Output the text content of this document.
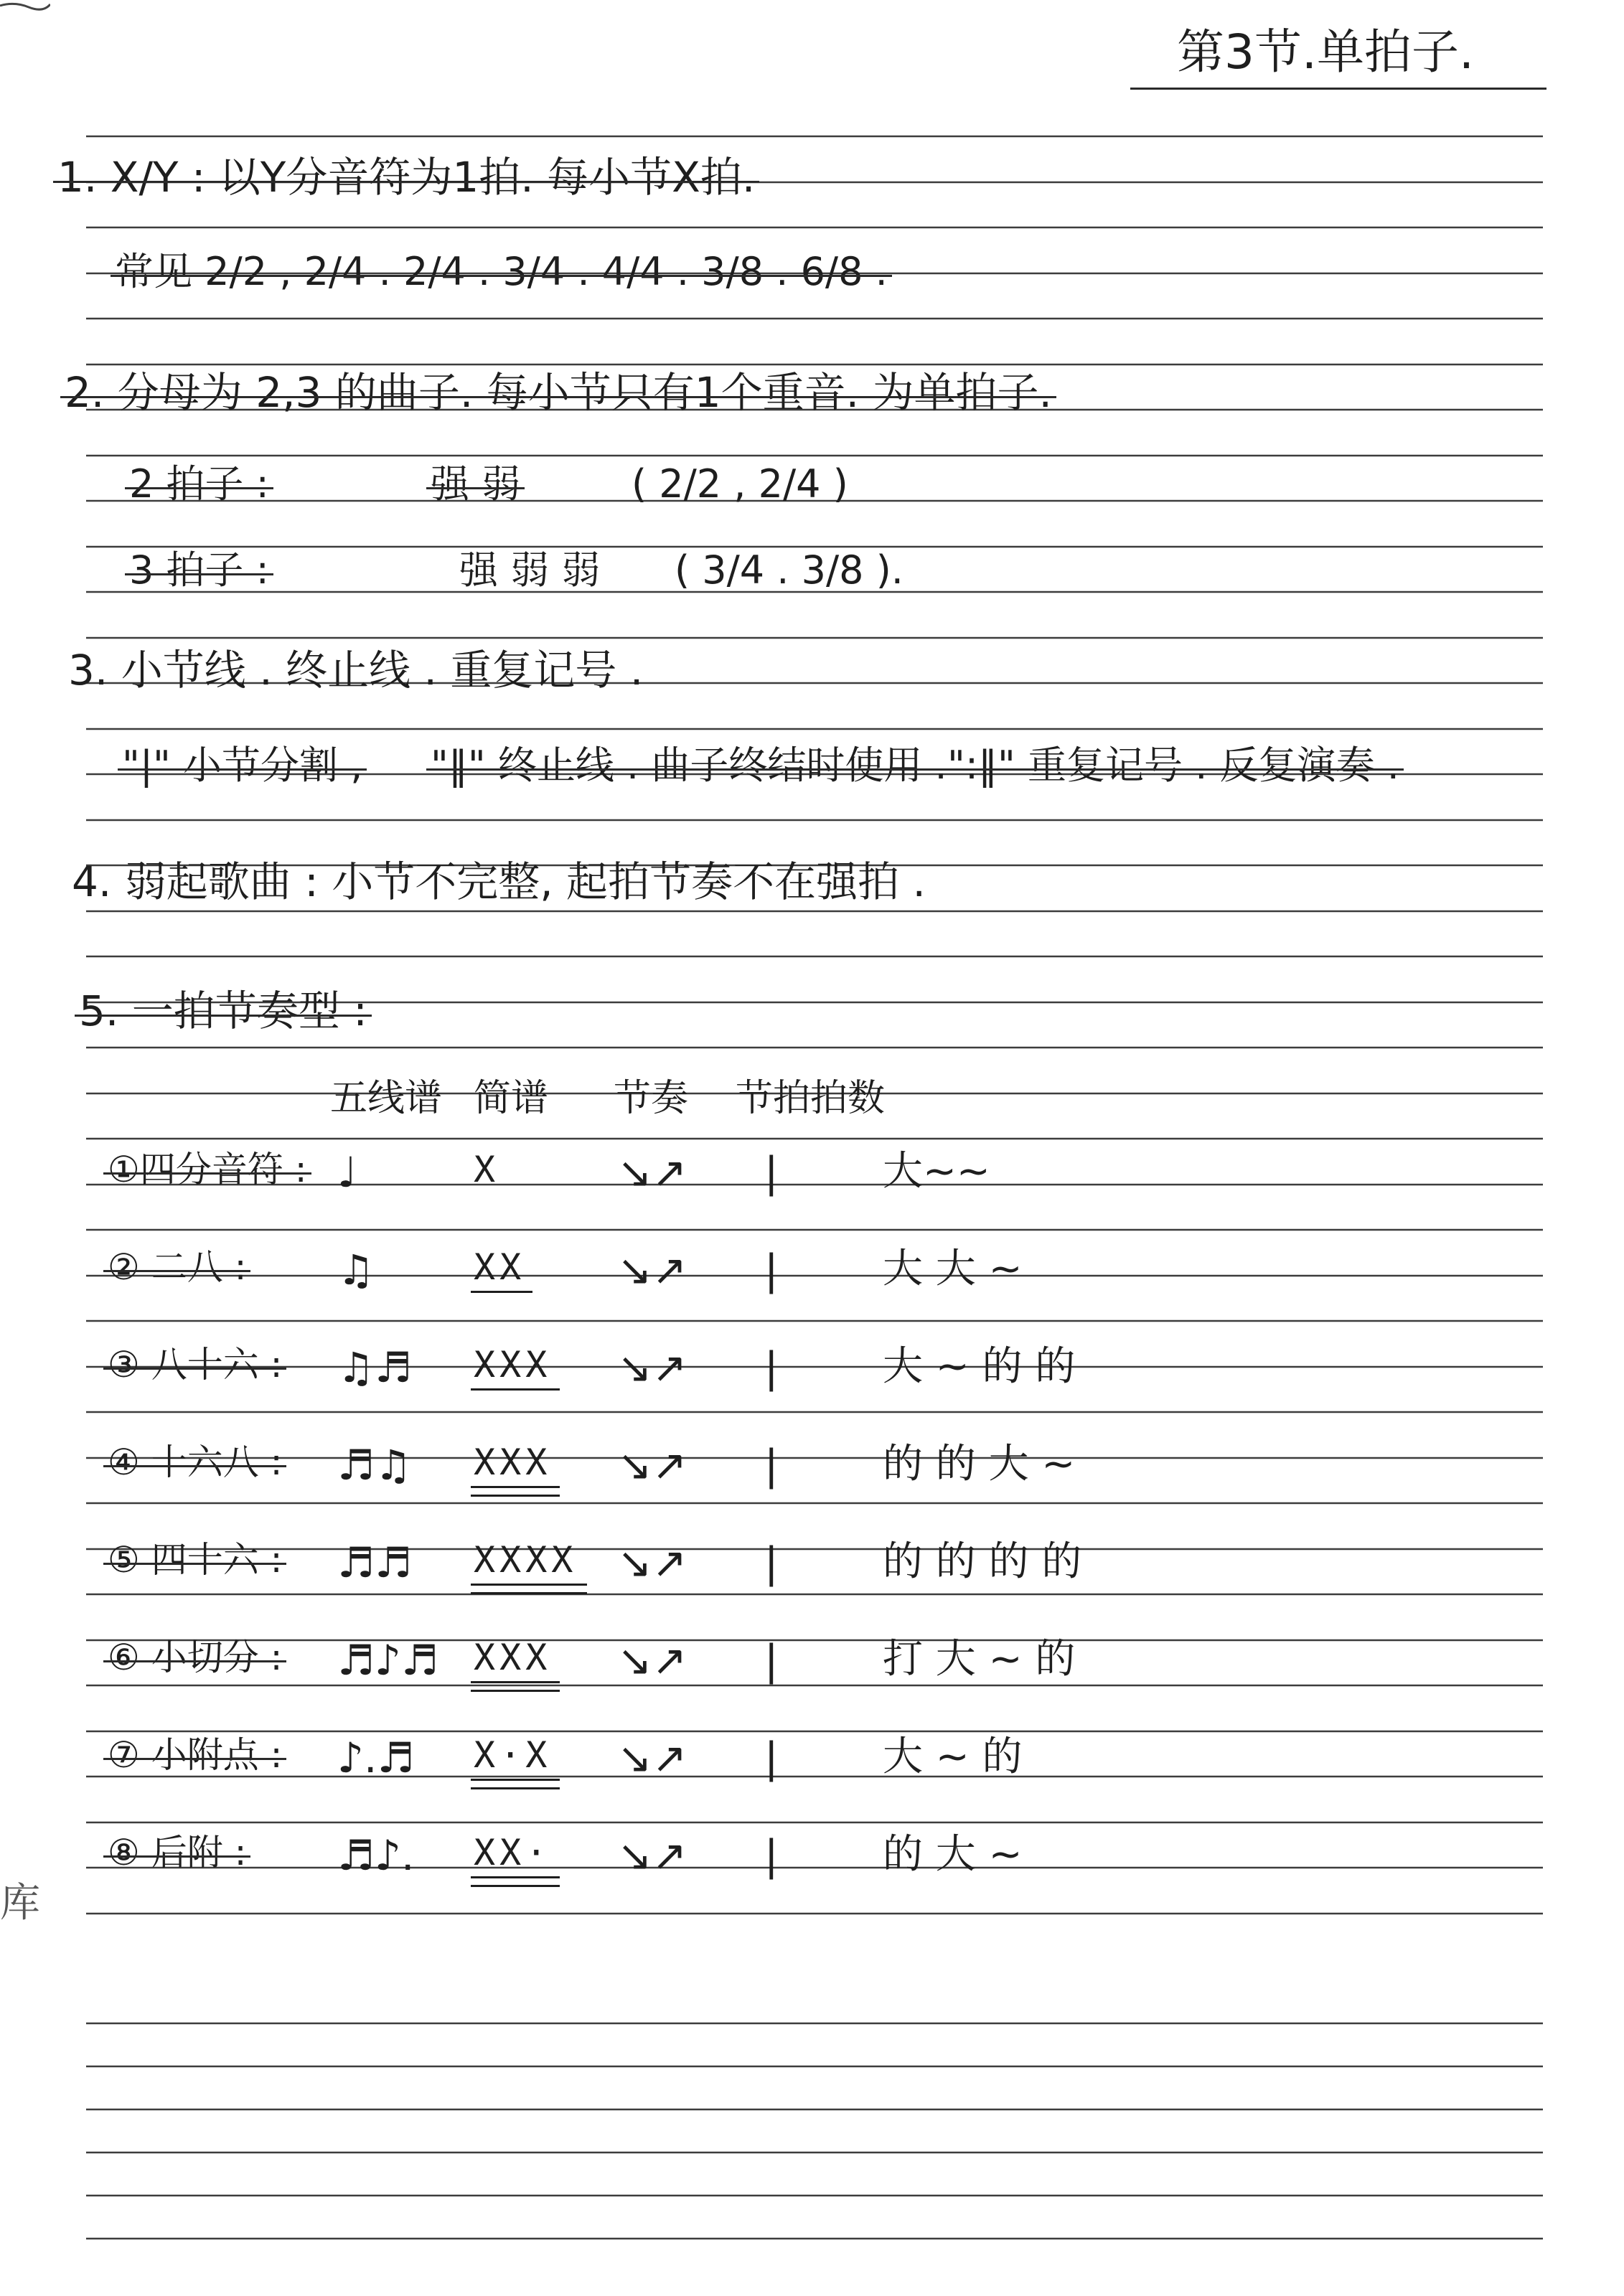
第3节.单拍子.
1. X/Y : 以Y分音符为1拍. 每小节X拍.
常见 2/2 , 2/4 . 2/4 . 3/4 . 4/4 . 3/8 . 6/8 .
2. 分母为 2,3 的曲子. 每小节只有1个重音. 为单拍子.
2 拍子 :	强 弱	( 2/2 , 2/4 )
3 拍子 :	强 弱 弱 ( 3/4 . 3/8 ).
3. 小节线 . 终止线 . 重复记号 .
"|" 小节分割 , "‖" 终止线 . 曲子终结时使用 . ":‖" 重复记号 . 反复演奏 .
4. 弱起歌曲 : 小节不完整, 起拍节奏不在强拍 .
5. 一拍节奏型 :
五线谱 简谱 节奏 节拍拍数
①四分音符 : ♩	X	↘↗ |	大~~
② 二八 : ♫	XX ↘↗ |	大 大 ~
③ 八十六 : ♫♬ XXX ↘↗ |	大 ~ 的 的
④ 十六八 : ♬♫ XXX ↘↗ |	的 的 大 ~
⑤ 四十六 : ♬♬ XXXX ↘↗ |	的 的 的 的
⑥ 小切分 : ♬♪♬ XXX ↘↗ |	打 大 ~ 的
⑦ 小附点 : ♪.♬ X·X ↘↗ |	大 ~ 的
⑧ 后附 : ♬♪. XX· ↘↗ |	的 大 ~
库
